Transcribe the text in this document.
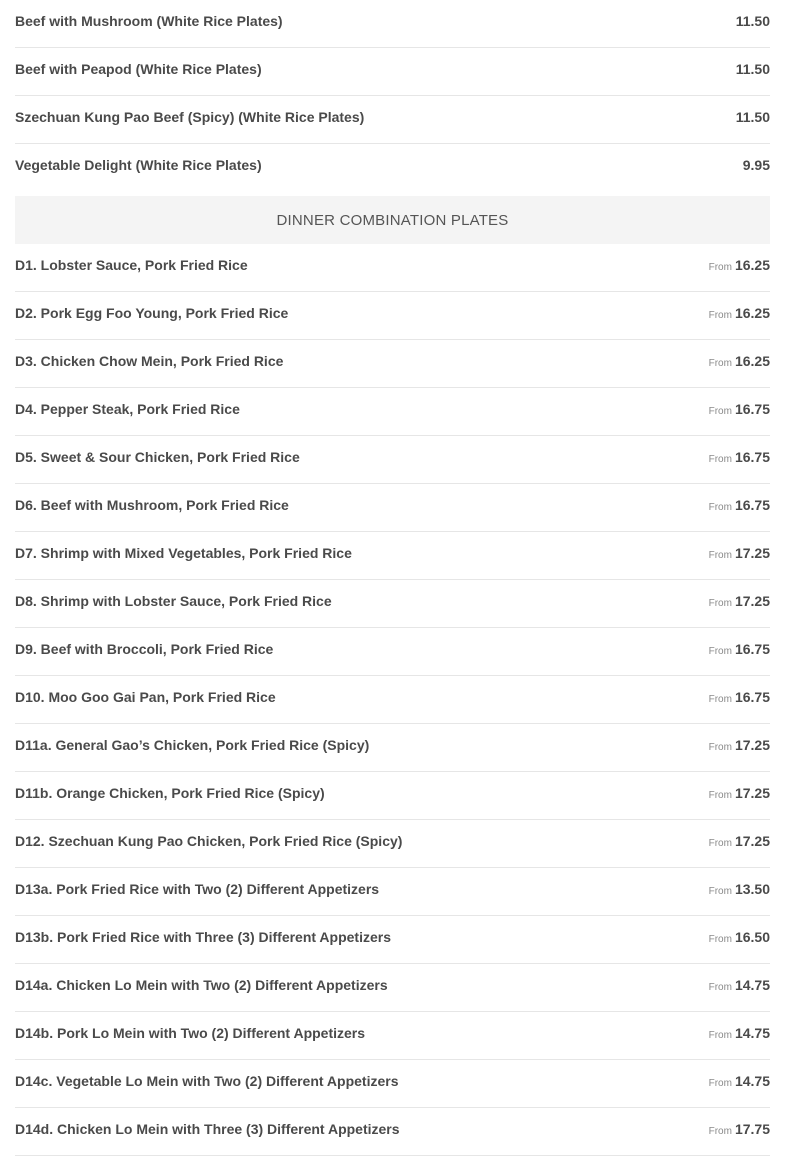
Beef with Mushroom (White Rice Plates)	11.50
Beef with Peapod (White Rice Plates)	11.50
Szechuan Kung Pao Beef (Spicy) (White Rice Plates)	11.50
Vegetable Delight (White Rice Plates)	9.95
DINNER COMBINATION PLATES
D1. Lobster Sauce, Pork Fried Rice	From 16.25
D2. Pork Egg Foo Young, Pork Fried Rice	From 16.25
D3. Chicken Chow Mein, Pork Fried Rice	From 16.25
D4. Pepper Steak, Pork Fried Rice	From 16.75
D5. Sweet & Sour Chicken, Pork Fried Rice	From 16.75
D6. Beef with Mushroom, Pork Fried Rice	From 16.75
D7. Shrimp with Mixed Vegetables, Pork Fried Rice	From 17.25
D8. Shrimp with Lobster Sauce, Pork Fried Rice	From 17.25
D9. Beef with Broccoli, Pork Fried Rice	From 16.75
D10. Moo Goo Gai Pan, Pork Fried Rice	From 16.75
D11a. General Gao’s Chicken, Pork Fried Rice (Spicy)	From 17.25
D11b. Orange Chicken, Pork Fried Rice (Spicy)	From 17.25
D12. Szechuan Kung Pao Chicken, Pork Fried Rice (Spicy)	From 17.25
D13a. Pork Fried Rice with Two (2) Different Appetizers	From 13.50
D13b. Pork Fried Rice with Three (3) Different Appetizers	From 16.50
D14a. Chicken Lo Mein with Two (2) Different Appetizers	From 14.75
D14b. Pork Lo Mein with Two (2) Different Appetizers	From 14.75
D14c. Vegetable Lo Mein with Two (2) Different Appetizers	From 14.75
D14d. Chicken Lo Mein with Three (3) Different Appetizers	From 17.75
